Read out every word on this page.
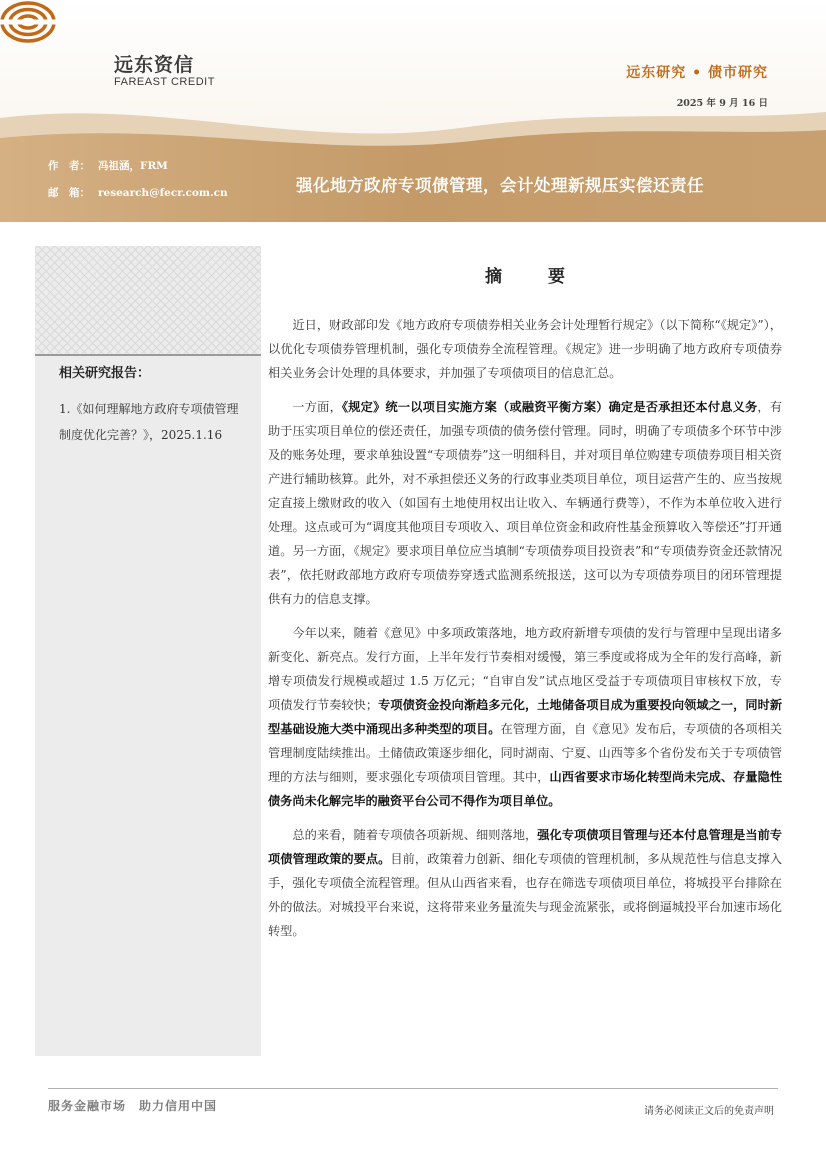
远东资信
FAREAST CREDIT
远东研究 • 债市研究
2025 年 9 月 16 日
作　者： 冯祖涵，FRM
邮　箱： research@fecr.com.cn	强化地方政府专项债管理，会计处理新规压实偿还责任
相关研究报告：
1.《如何理解地方政府专项债管理制度优化完善？》，2025.1.16
摘 要

近日，财政部印发《地方政府专项债券相关业务会计处理暂行规定》（以下简称“《规定》”），以优化专项债券管理机制，强化专项债券全流程管理。《规定》进一步明确了地方政府专项债券相关业务会计处理的具体要求，并加强了专项债项目的信息汇总。

一方面，《规定》统一以项目实施方案（或融资平衡方案）确定是否承担还本付息义务，有助于压实项目单位的偿还责任，加强专项债的债务偿付管理。同时，明确了专项债多个环节中涉及的账务处理，要求单独设置“专项债券”这一明细科目，并对项目单位购建专项债券项目相关资产进行辅助核算。此外，对不承担偿还义务的行政事业类项目单位，项目运营产生的、应当按规定直接上缴财政的收入（如国有土地使用权出让收入、车辆通行费等），不作为本单位收入进行处理。这点或可为“调度其他项目专项收入、项目单位资金和政府性基金预算收入等偿还”打开通道。另一方面，《规定》要求项目单位应当填制“专项债券项目投资表”和“专项债券资金还款情况表”，依托财政部地方政府专项债券穿透式监测系统报送，这可以为专项债券项目的闭环管理提供有力的信息支撑。

今年以来，随着《意见》中多项政策落地，地方政府新增专项债的发行与管理中呈现出诸多新变化、新亮点。发行方面，上半年发行节奏相对缓慢，第三季度或将成为全年的发行高峰，新增专项债发行规模或超过 1.5 万亿元；“自审自发”试点地区受益于专项债项目审核权下放，专项债发行节奏较快；专项债资金投向渐趋多元化，土地储备项目成为重要投向领域之一，同时新型基础设施大类中涌现出多种类型的项目。在管理方面，自《意见》发布后，专项债的各项相关管理制度陆续推出。土储债政策逐步细化，同时湖南、宁夏、山西等多个省份发布关于专项债管理的方法与细则，要求强化专项债项目管理。其中，山西省要求市场化转型尚未完成、存量隐性债务尚未化解完毕的融资平台公司不得作为项目单位。

总的来看，随着专项债各项新规、细则落地，强化专项债项目管理与还本付息管理是当前专项债管理政策的要点。目前，政策着力创新、细化专项债的管理机制，多从规范性与信息支撑入手，强化专项债全流程管理。但从山西省来看，也存在筛选专项债项目单位，将城投平台排除在外的做法。对城投平台来说，这将带来业务量流失与现金流紧张，或将倒逼城投平台加速市场化转型。

服务金融市场　助力信用中国	请务必阅读正文后的免责声明
